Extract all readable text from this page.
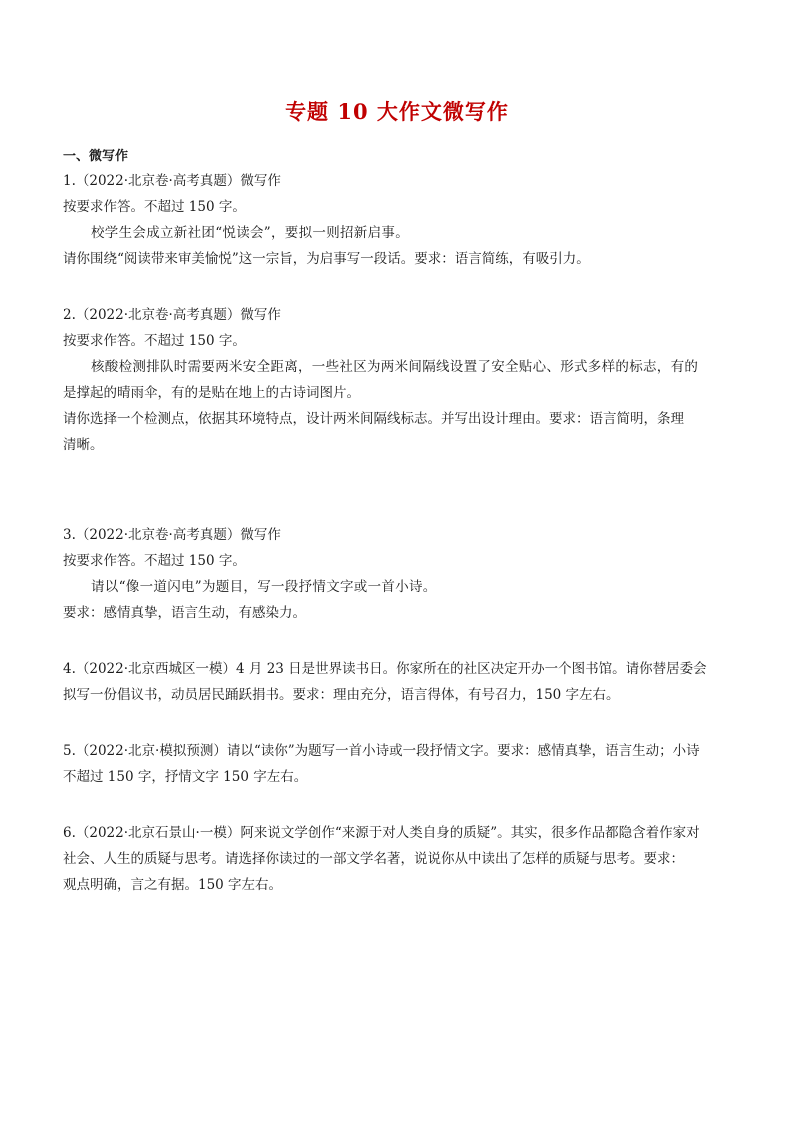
专题 10 大作文微写作
一、微写作
1.（2022·北京卷·高考真题）微写作
按要求作答。不超过 150 字。
校学生会成立新社团“悦读会”，要拟一则招新启事。
请你围绕“阅读带来审美愉悦”这一宗旨，为启事写一段话。要求：语言简练，有吸引力。
2.（2022·北京卷·高考真题）微写作
按要求作答。不超过 150 字。
核酸检测排队时需要两米安全距离，一些社区为两米间隔线设置了安全贴心、形式多样的标志，有的
是撑起的晴雨伞，有的是贴在地上的古诗词图片。
请你选择一个检测点，依据其环境特点，设计两米间隔线标志。并写出设计理由。要求：语言简明，条理
清晰。
3.（2022·北京卷·高考真题）微写作
按要求作答。不超过 150 字。
请以“像一道闪电”为题目，写一段抒情文字或一首小诗。
要求：感情真挚，语言生动，有感染力。
4.（2022·北京西城区一模）4 月 23 日是世界读书日。你家所在的社区决定开办一个图书馆。请你替居委会
拟写一份倡议书，动员居民踊跃捐书。要求：理由充分，语言得体，有号召力，150 字左右。
5.（2022·北京·模拟预测）请以“读你”为题写一首小诗或一段抒情文字。要求：感情真挚，语言生动；小诗
不超过 150 字，抒情文字 150 字左右。
6.（2022·北京石景山·一模）阿来说文学创作“来源于对人类自身的质疑”。其实，很多作品都隐含着作家对
社会、人生的质疑与思考。请选择你读过的一部文学名著，说说你从中读出了怎样的质疑与思考。要求：
观点明确，言之有据。150 字左右。
